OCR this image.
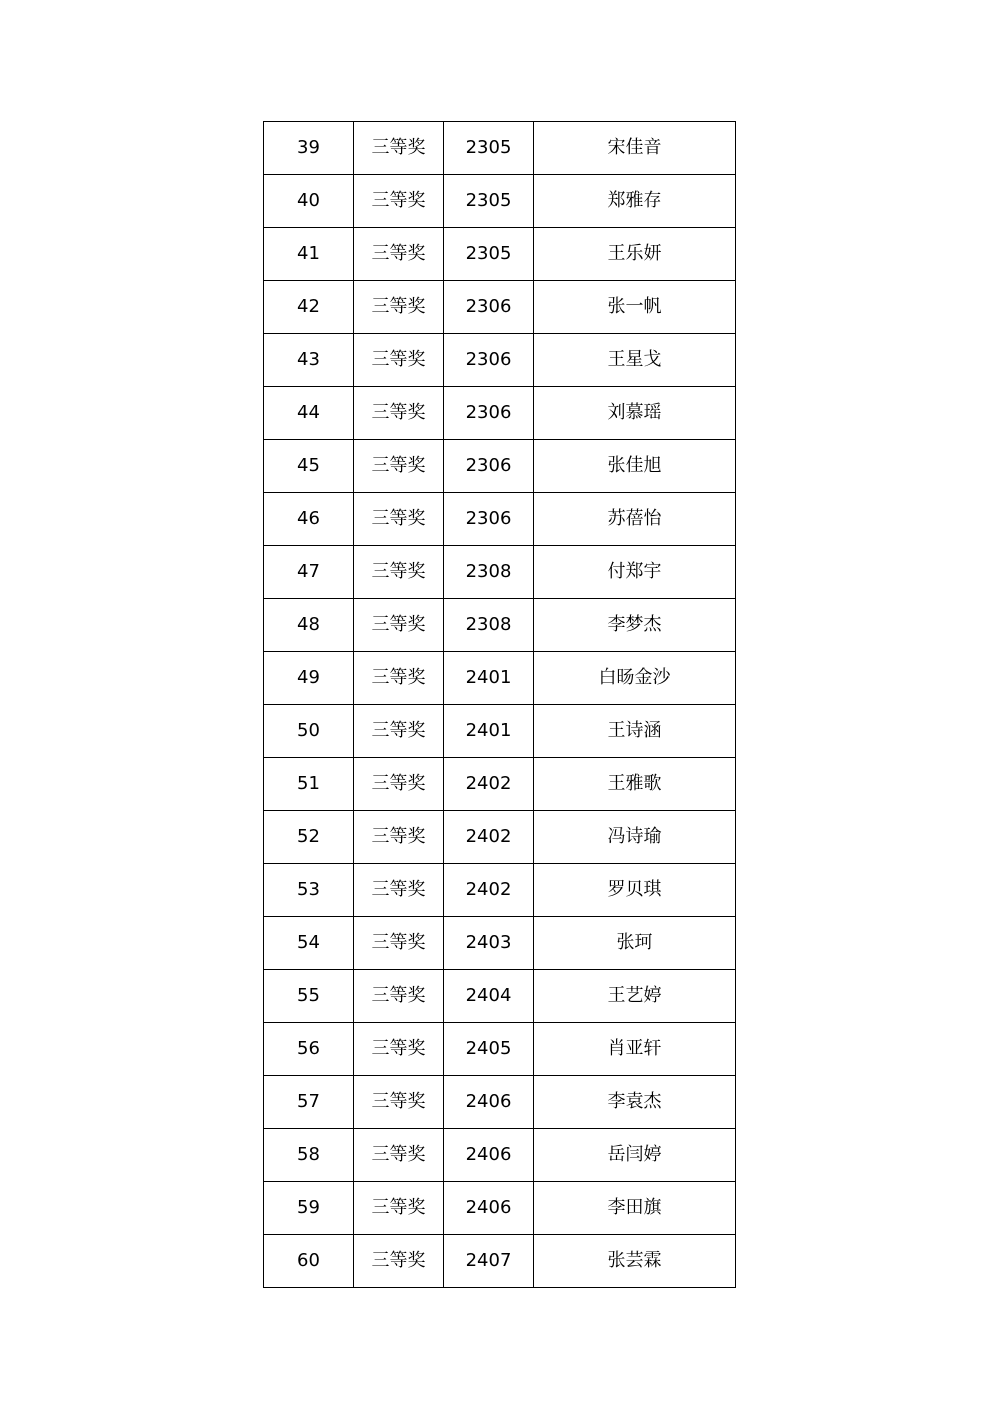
39	三等奖	2305	宋佳音
40	三等奖	2305	郑雅存
41	三等奖	2305	王乐妍
42	三等奖	2306	张一帆
43	三等奖	2306	王星戈
44	三等奖	2306	刘慕瑶
45	三等奖	2306	张佳旭
46	三等奖	2306	苏蓓怡
47	三等奖	2308	付郑宇
48	三等奖	2308	李梦杰
49	三等奖	2401	白旸金沙
50	三等奖	2401	王诗涵
51	三等奖	2402	王雅歌
52	三等奖	2402	冯诗瑜
53	三等奖	2402	罗贝琪
54	三等奖	2403	张珂
55	三等奖	2404	王艺婷
56	三等奖	2405	肖亚轩
57	三等奖	2406	李袁杰
58	三等奖	2406	岳闫婷
59	三等奖	2406	李田旗
60	三等奖	2407	张芸霖
